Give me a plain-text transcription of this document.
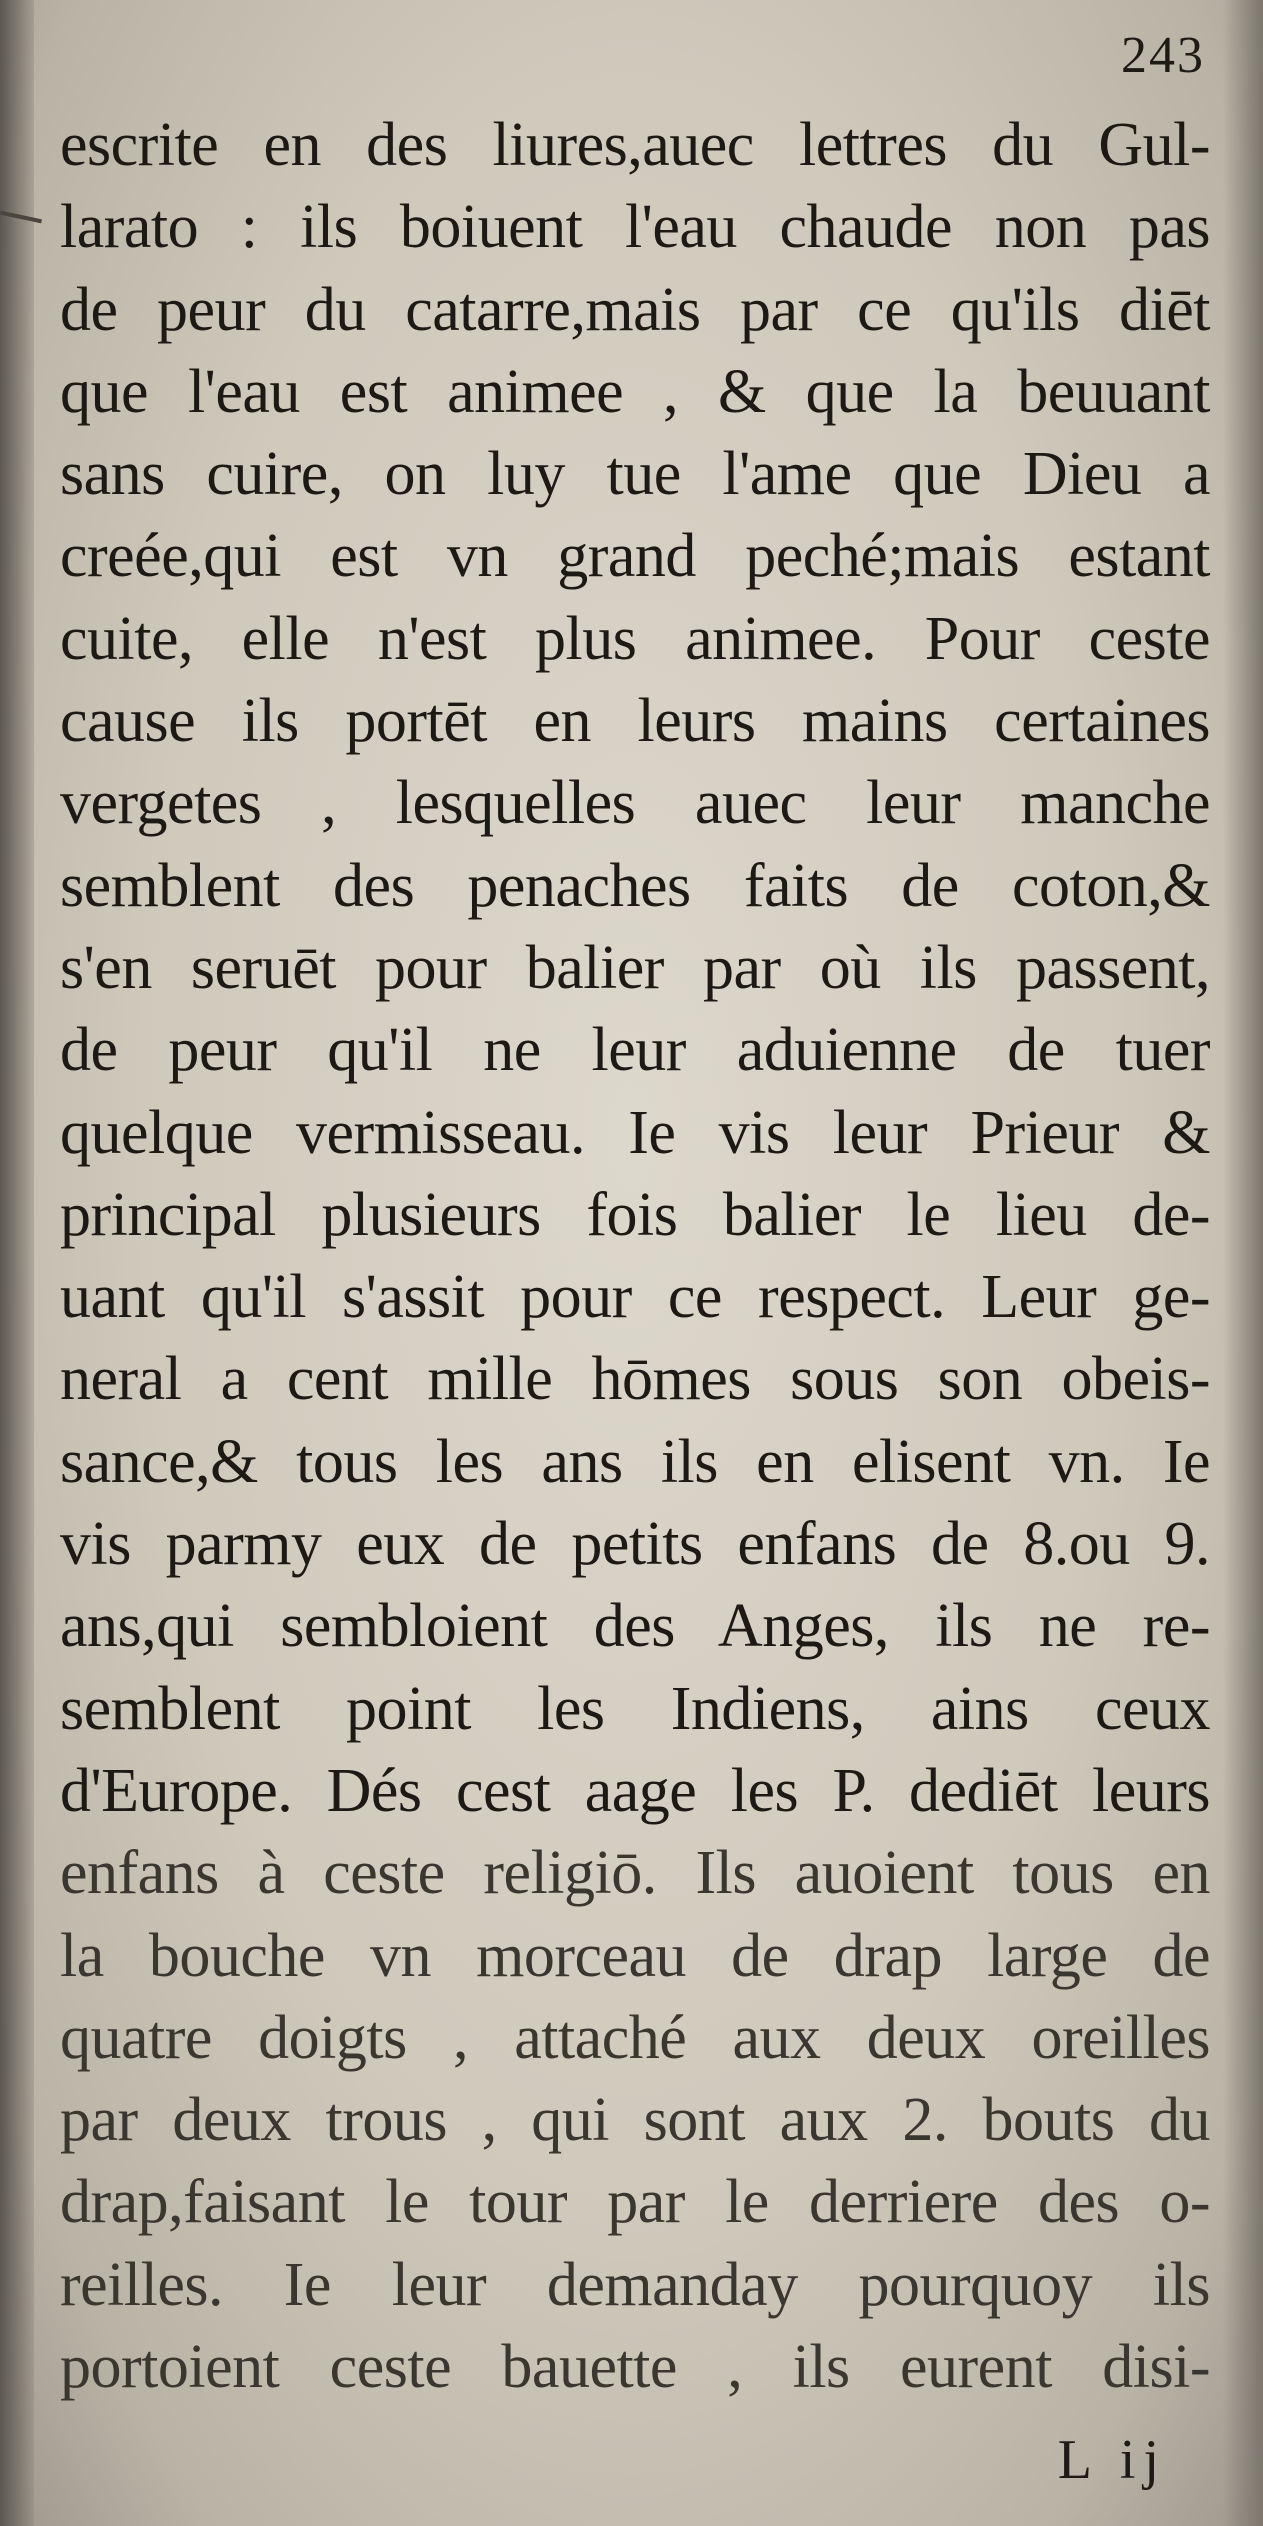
243
escrite en des liures,auec lettres du Gul-
larato : ils boiuent l'eau chaude non pas
de peur du catarre,mais par ce qu'ils diēt
que l'eau est animee , & que la beuuant
sans cuire, on luy tue l'ame que Dieu a
creée,qui est vn grand peché;mais estant
cuite, elle n'est plus animee. Pour ceste
cause ils portēt en leurs mains certaines
vergetes , lesquelles auec leur manche
semblent des penaches faits de coton,&
s'en seruēt pour balier par où ils passent,
de peur qu'il ne leur aduienne de tuer
quelque vermisseau. Ie vis leur Prieur &
principal plusieurs fois balier le lieu de-
uant qu'il s'assit pour ce respect. Leur ge-
neral a cent mille hōmes sous son obeis-
sance,& tous les ans ils en elisent vn. Ie
vis parmy eux de petits enfans de 8.ou 9.
ans,qui sembloient des Anges, ils ne re-
semblent point les Indiens, ains ceux
d'Europe. Dés cest aage les P. dediēt leurs
enfans à ceste religiō. Ils auoient tous en
la bouche vn morceau de drap large de
quatre doigts , attaché aux deux oreilles
par deux trous , qui sont aux 2. bouts du
drap,faisant le tour par le derriere des o-
reilles. Ie leur demanday pourquoy ils
portoient ceste bauette , ils eurent disi-
L ij
